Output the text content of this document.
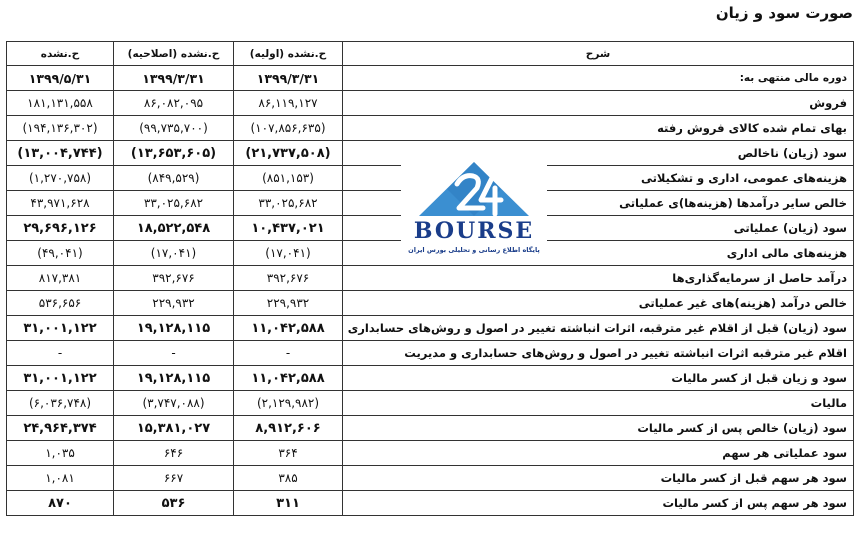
صورت سود و زیان
ح.نشده	ح.نشده (اصلاحیه)	ح.نشده (اولیه)	شرح
۱۳۹۹/۵/۳۱	۱۳۹۹/۳/۳۱	۱۳۹۹/۳/۳۱	دوره مالی منتهی به:
۱۸۱,۱۳۱,۵۵۸	۸۶,۰۸۲,۰۹۵	۸۶,۱۱۹,۱۲۷	فروش
(۱۹۴,۱۳۶,۳۰۲)	(۹۹,۷۳۵,۷۰۰)	(۱۰۷,۸۵۶,۶۳۵)	بهای تمام شده کالای فروش رفته
(۱۳,۰۰۴,۷۴۴)	(۱۳,۶۵۳,۶۰۵)	(۲۱,۷۳۷,۵۰۸)	سود (زیان) ناخالص
(۱,۲۷۰,۷۵۸)	(۸۴۹,۵۲۹)	(۸۵۱,۱۵۳)	هزینه‌های عمومی، اداری و تشکیلاتی
۴۳,۹۷۱,۶۲۸	۳۳,۰۲۵,۶۸۲	۳۳,۰۲۵,۶۸۲	خالص سایر درآمدها (هزینه‌ها)ی عملیاتی
۲۹,۶۹۶,۱۲۶	۱۸,۵۲۲,۵۴۸	۱۰,۴۳۷,۰۲۱	سود (زیان) عملیاتی
(۴۹,۰۴۱)	(۱۷,۰۴۱)	(۱۷,۰۴۱)	هزینه‌های مالی اداری
۸۱۷,۳۸۱	۳۹۲,۶۷۶	۳۹۲,۶۷۶	درآمد حاصل از سرمایه‌گذاری‌ها
۵۳۶,۶۵۶	۲۲۹,۹۳۲	۲۲۹,۹۳۲	خالص درآمد (هزینه)های غیر عملیاتی
۳۱,۰۰۱,۱۲۲	۱۹,۱۲۸,۱۱۵	۱۱,۰۴۲,۵۸۸	سود (زیان) قبل از اقلام غیر مترقبه، اثرات انباشته تغییر در اصول و روش‌های حسابداری
-	-	-	اقلام غیر مترقبه اثرات انباشته تغییر در اصول و روش‌های حسابداری و مدیریت
۳۱,۰۰۱,۱۲۲	۱۹,۱۲۸,۱۱۵	۱۱,۰۴۲,۵۸۸	سود و زیان قبل از کسر مالیات
(۶,۰۳۶,۷۴۸)	(۳,۷۴۷,۰۸۸)	(۲,۱۲۹,۹۸۲)	مالیات
۲۴,۹۶۴,۳۷۴	۱۵,۳۸۱,۰۲۷	۸,۹۱۲,۶۰۶	سود (زیان) خالص پس از کسر مالیات
۱,۰۳۵	۶۴۶	۳۶۴	سود عملیاتی هر سهم
۱,۰۸۱	۶۶۷	۳۸۵	سود هر سهم قبل از کسر مالیات
۸۷۰	۵۳۶	۳۱۱	سود هر سهم پس از کسر مالیات
BOURSE
پایگاه اطلاع رسانی و تحلیلی بورس ایران
